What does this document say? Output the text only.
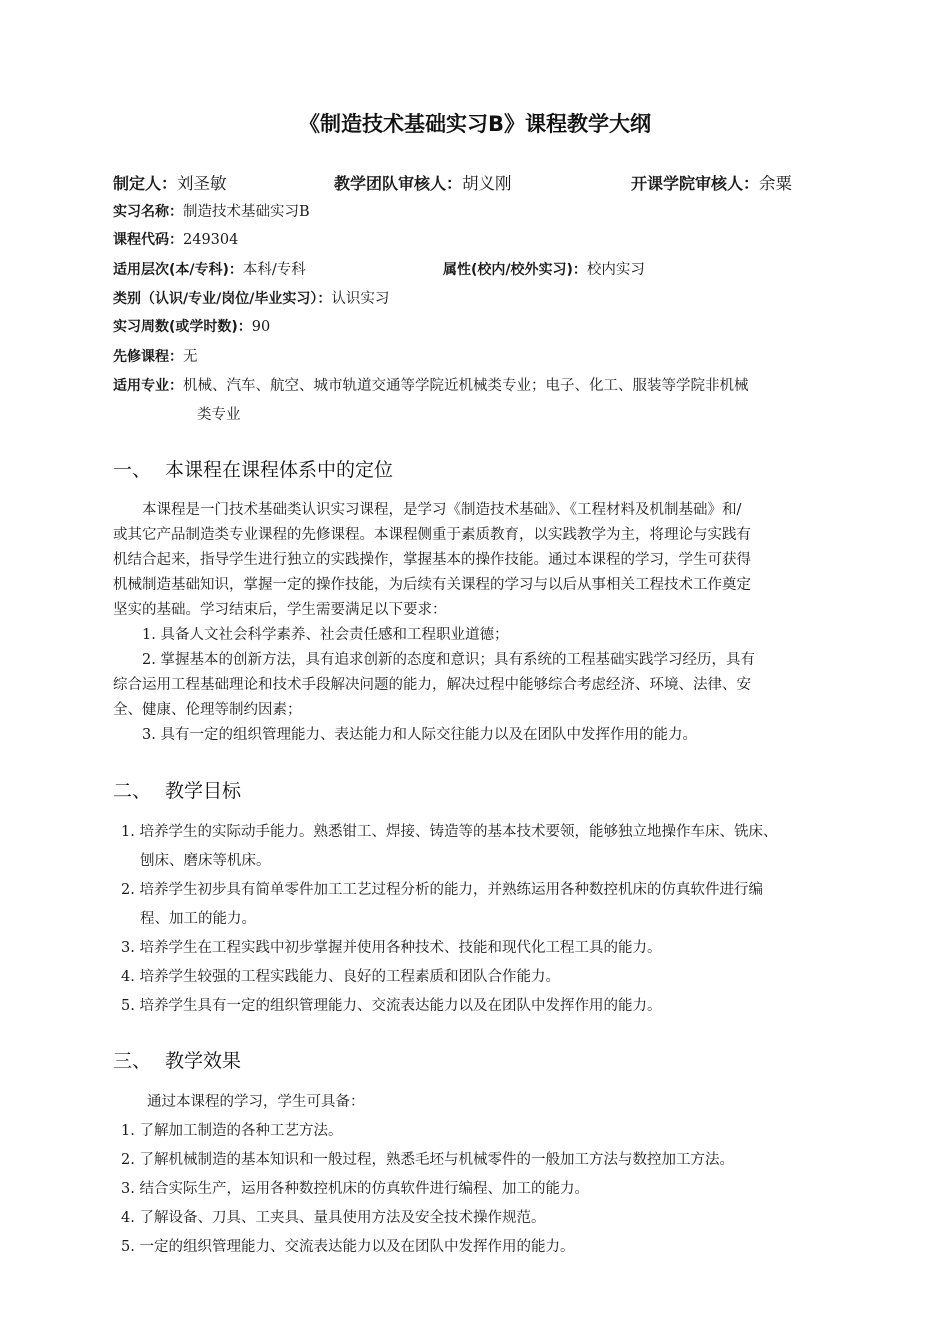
《制造技术基础实习B》课程教学大纲
制定人：刘圣敏	教学团队审核人：胡义刚	开课学院审核人：余粟
实习名称：制造技术基础实习B
课程代码：249304
适用层次(本/专科)：本科/专科	属性(校内/校外实习)：校内实习
类别（认识/专业/岗位/毕业实习）：认识实习
实习周数(或学时数)：90
先修课程：无
适用专业：机械、汽车、航空、城市轨道交通等学院近机械类专业；电子、化工、服装等学院非机械
类专业
一、 本课程在课程体系中的定位
　　本课程是一门技术基础类认识实习课程，是学习《制造技术基础》、《工程材料及机制基础》和/
或其它产品制造类专业课程的先修课程。本课程侧重于素质教育，以实践教学为主，将理论与实践有
机结合起来，指导学生进行独立的实践操作，掌握基本的操作技能。通过本课程的学习，学生可获得
机械制造基础知识，掌握一定的操作技能，为后续有关课程的学习与以后从事相关工程技术工作奠定
坚实的基础。学习结束后，学生需要满足以下要求：
　　1. 具备人文社会科学素养、社会责任感和工程职业道德；
　　2. 掌握基本的创新方法，具有追求创新的态度和意识；具有系统的工程基础实践学习经历，具有
综合运用工程基础理论和技术手段解决问题的能力，解决过程中能够综合考虑经济、环境、法律、安
全、健康、伦理等制约因素；
　　3. 具有一定的组织管理能力、表达能力和人际交往能力以及在团队中发挥作用的能力。
二、 教学目标
1. 培养学生的实际动手能力。熟悉钳工、焊接、铸造等的基本技术要领，能够独立地操作车床、铣床、
刨床、磨床等机床。
2. 培养学生初步具有简单零件加工工艺过程分析的能力，并熟练运用各种数控机床的仿真软件进行编
程、加工的能力。
3. 培养学生在工程实践中初步掌握并使用各种技术、技能和现代化工程工具的能力。
4. 培养学生较强的工程实践能力、良好的工程素质和团队合作能力。
5. 培养学生具有一定的组织管理能力、交流表达能力以及在团队中发挥作用的能力。
三、 教学效果
通过本课程的学习，学生可具备：
1. 了解加工制造的各种工艺方法。
2. 了解机械制造的基本知识和一般过程，熟悉毛坯与机械零件的一般加工方法与数控加工方法。
3. 结合实际生产，运用各种数控机床的仿真软件进行编程、加工的能力。
4. 了解设备、刀具、工夹具、量具使用方法及安全技术操作规范。
5. 一定的组织管理能力、交流表达能力以及在团队中发挥作用的能力。
